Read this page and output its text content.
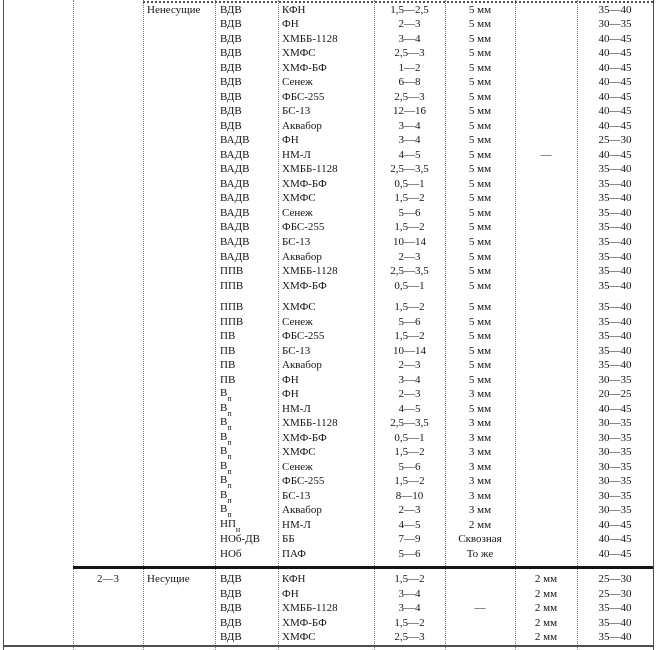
Ненесущие	ВДВ	КФН	1,5—2,5	5 мм	35—40
ВДВ	ФН	2—3	5 мм	30—35
ВДВ	ХМББ-1128	3—4	5 мм	40—45
ВДВ	ХМФС	2,5—3	5 мм	40—45
ВДВ	ХМФ-БФ	1—2	5 мм	40—45
ВДВ	Сенеж	6—8	5 мм	40—45
ВДВ	ФБС-255	2,5—3	5 мм	40—45
ВДВ	БС-13	12—16	5 мм	40—45
ВДВ	Аквабор	3—4	5 мм	40—45
ВАДВ	ФН	3—4	5 мм	25—30
ВАДВ	НМ-Л	4—5	5 мм	—	40—45
ВАДВ	ХМББ-1128	2,5—3,5	5 мм	35—40
ВАДВ	ХМФ-БФ	0,5—1	5 мм	35—40
ВАДВ	ХМФС	1,5—2	5 мм	35—40
ВАДВ	Сенеж	5—6	5 мм	35—40
ВАДВ	ФБС-255	1,5—2	5 мм	35—40
ВАДВ	БС-13	10—14	5 мм	35—40
ВАДВ	Аквабор	2—3	5 мм	35—40
ППВ	ХМББ-1128	2,5—3,5	5 мм	35—40
ППВ	ХМФ-БФ	0,5—1	5 мм	35—40
ППВ	ХМФС	1,5—2	5 мм	35—40
ППВ	Сенеж	5—6	5 мм	35—40
ПВ	ФБС-255	1,5—2	5 мм	35—40
ПВ	БС-13	10—14	5 мм	35—40
ПВ	Аквабор	2—3	5 мм	35—40
ПВ	ФН	3—4	5 мм	30—35
$В_п$	ФН	2—3	3 мм	20—25
$В_п$	НМ-Л	4—5	5 мм	40—45
$В_п$	ХМББ-1128	2,5—3,5	3 мм	30—35
$В_п$	ХМФ-БФ	0,5—1	3 мм	30—35
$В_п$	ХМФС	1,5—2	3 мм	30—35
$В_п$	Сенеж	5—6	3 мм	30—35
$В_п$	ФБС-255	1,5—2	3 мм	30—35
$В_п$	БС-13	8—10	3 мм	30—35
$В_п$	Аквабор	2—3	3 мм	30—35
$НП_н$	НМ-Л	4—5	2 мм	40—45
НОб-ДВ	ББ	7—9	Сквозная	40—45
НОб	ПАФ	5—6	То же	40—45
2—3	Несущие	ВДВ	КФН	1,5—2	2 мм	25—30
ВДВ	ФН	3—4	2 мм	25—30
ВДВ	ХМББ-1128	3—4	—	2 мм	35—40
ВДВ	ХМФ-БФ	1,5—2	2 мм	35—40
ВДВ	ХМФС	2,5—3	2 мм	35—40
